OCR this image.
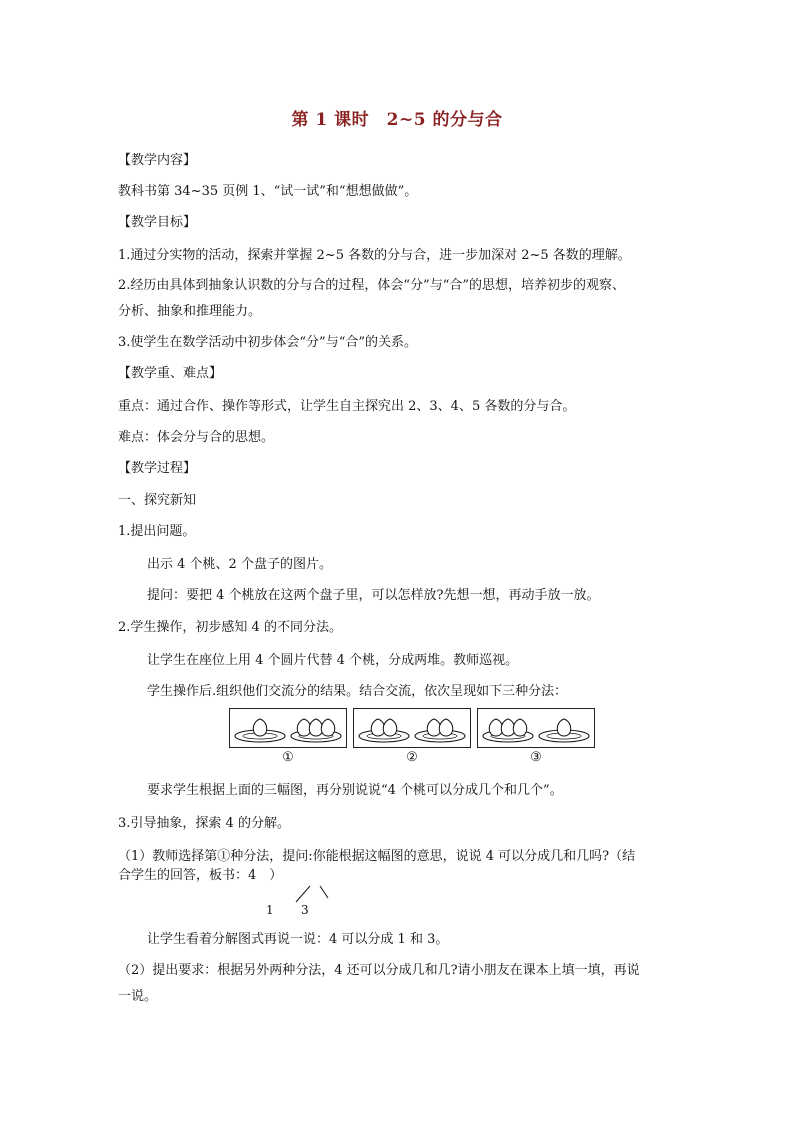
第 1 课时　2~5 的分与合
【教学内容】
教科书第 34~35 页例 1、“试一试”和“想想做做”。
【教学目标】
1.通过分实物的活动，探索并掌握 2~5 各数的分与合，进一步加深对 2~5 各数的理解。
2.经历由具体到抽象认识数的分与合的过程，体会“分”与“合”的思想，培养初步的观察、
分析、抽象和推理能力。
3.使学生在数学活动中初步体会“分”与“合”的关系。
【教学重、难点】
重点：通过合作、操作等形式，让学生自主探究出 2、3、4、5 各数的分与合。
难点：体会分与合的思想。
【教学过程】
一、探究新知
1.提出问题。
出示 4 个桃、2 个盘子的图片。
提问：要把 4 个桃放在这两个盘子里，可以怎样放?先想一想，再动手放一放。
2.学生操作，初步感知 4 的不同分法。
让学生在座位上用 4 个圆片代替 4 个桃，分成两堆。教师巡视。
学生操作后.组织他们交流分的结果。结合交流，依次呈现如下三种分法：
①	②	③
要求学生根据上面的三幅图，再分别说说“4 个桃可以分成几个和几个”。
3.引导抽象，探索 4 的分解。
（1）教师选择第①种分法，提问:你能根据这幅图的意思，说说 4 可以分成几和几吗?（结
合学生的回答，板书：4　）
1 3
让学生看着分解图式再说一说：4 可以分成 1 和 3。
（2）提出要求：根据另外两种分法，4 还可以分成几和几?请小朋友在课本上填一填，再说
一说。
